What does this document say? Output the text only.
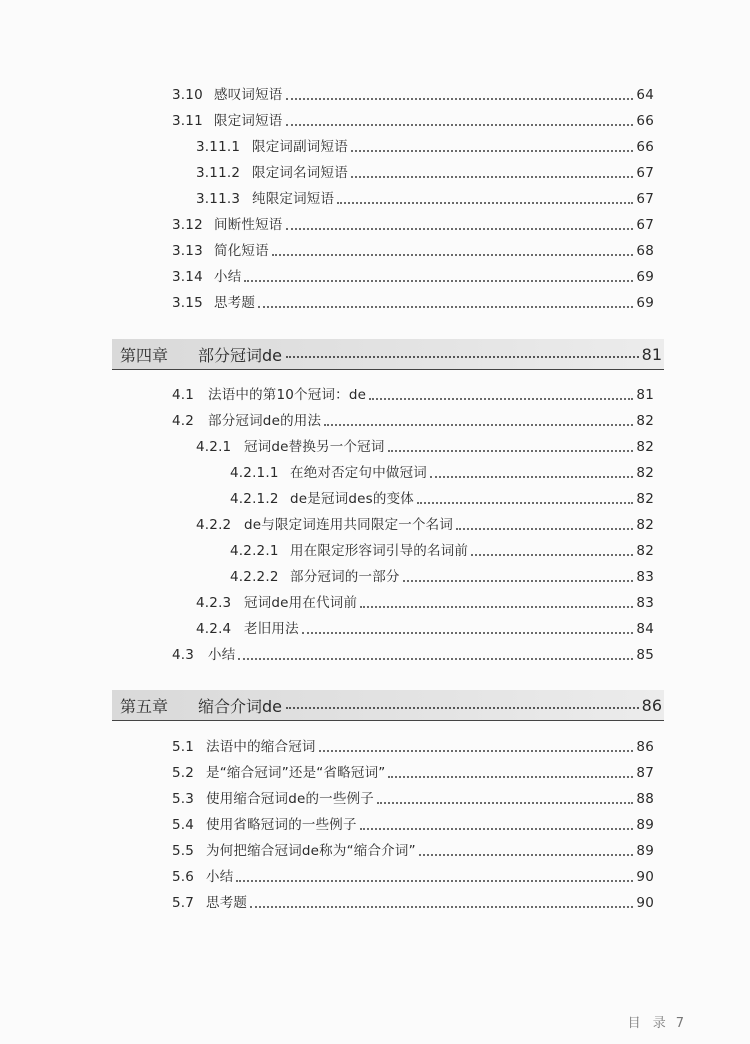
3.10 感叹词短语	64
3.11 限定词短语	66
3.11.1 限定词副词短语	66
3.11.2 限定词名词短语	67
3.11.3 纯限定词短语	67
3.12 间断性短语	67
3.13 简化短语	68
3.14 小结	69
3.15 思考题	69
第四章	部分冠词de	81
4.1	法语中的第10个冠词：de	81
4.2	部分冠词de的用法	82
4.2.1 冠词de替换另一个冠词	82
4.2.1.1 在绝对否定句中做冠词	82
4.2.1.2 de是冠词des的变体	82
4.2.2 de与限定词连用共同限定一个名词	82
4.2.2.1 用在限定形容词引导的名词前	82
4.2.2.2 部分冠词的一部分	83
4.2.3 冠词de用在代词前	83
4.2.4 老旧用法	84
4.3	小结	85
第五章	缩合介词de	86
5.1 法语中的缩合冠词	86
5.2 是“缩合冠词”还是“省略冠词”	87
5.3 使用缩合冠词de的一些例子	88
5.4 使用省略冠词的一些例子	89
5.5 为何把缩合冠词de称为“缩合介词”	89
5.6 小结	90
5.7 思考题	90
目 录 7
